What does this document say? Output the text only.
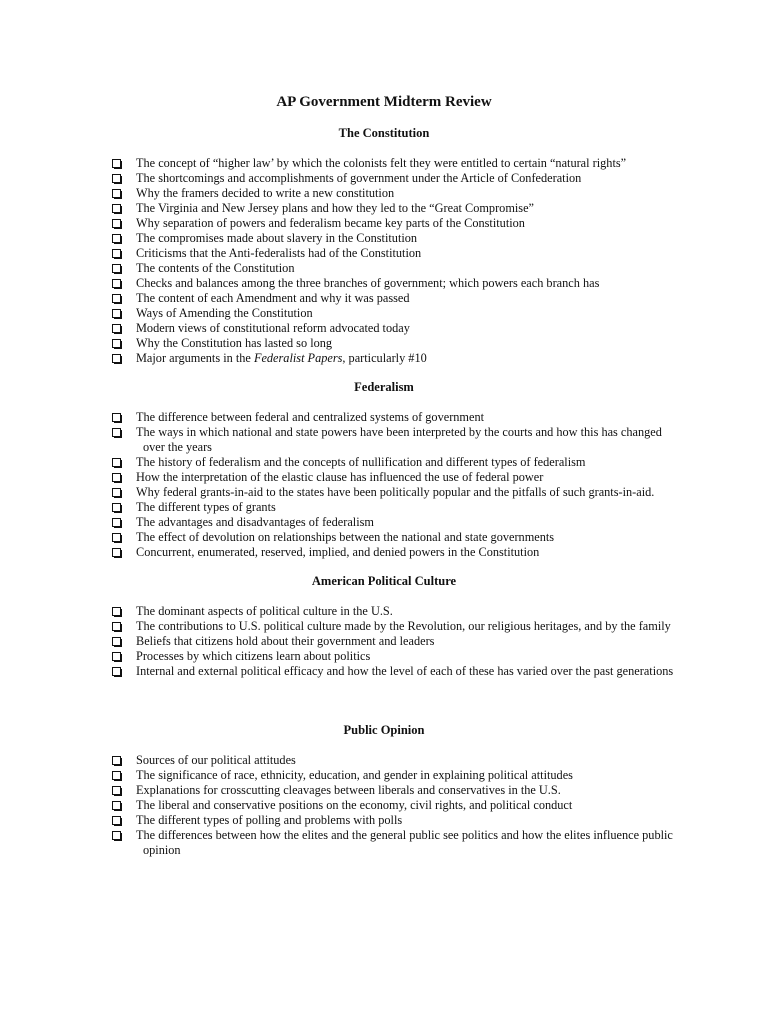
AP Government Midterm Review
The Constitution
The concept of “higher law’ by which the colonists felt they were entitled to certain “natural rights”
The shortcomings and accomplishments of government under the Article of Confederation
Why the framers decided to write a new constitution
The Virginia and New Jersey plans and how they led to the “Great Compromise”
Why separation of powers and federalism became key parts of the Constitution
The compromises made about slavery in the Constitution
Criticisms that the Anti-federalists had of the Constitution
The contents of the Constitution
Checks and balances among the three branches of government; which powers each branch has
The content of each Amendment and why it was passed
Ways of Amending the Constitution
Modern views of constitutional reform advocated today
Why the Constitution has lasted so long
Major arguments in the Federalist Papers, particularly #10
Federalism
The difference between federal and centralized systems of government
The ways in which national and state powers have been interpreted by the courts and how this has changed over the years
The history of federalism and the concepts of nullification and different types of federalism
How the interpretation of the elastic clause has influenced the use of federal power
Why federal grants-in-aid to the states have been politically popular and the pitfalls of such grants-in-aid.
The different types of grants
The advantages and disadvantages of federalism
The effect of devolution on relationships between the national and state governments
Concurrent, enumerated, reserved, implied, and denied powers in the Constitution
American Political Culture
The dominant aspects of political culture in the U.S.
The contributions to U.S. political culture made by the Revolution, our religious heritages, and by the family
Beliefs that citizens hold about their government and leaders
Processes by which citizens learn about politics
Internal and external political efficacy and how the level of each of these has varied over the past generations
Public Opinion
Sources of our political attitudes
The significance of race, ethnicity, education, and gender in explaining political attitudes
Explanations for crosscutting cleavages between liberals and conservatives in the U.S.
The liberal and conservative positions on the economy, civil rights, and political conduct
The different types of polling and problems with polls
The differences between how the elites and the general public see politics and how the elites influence public opinion
